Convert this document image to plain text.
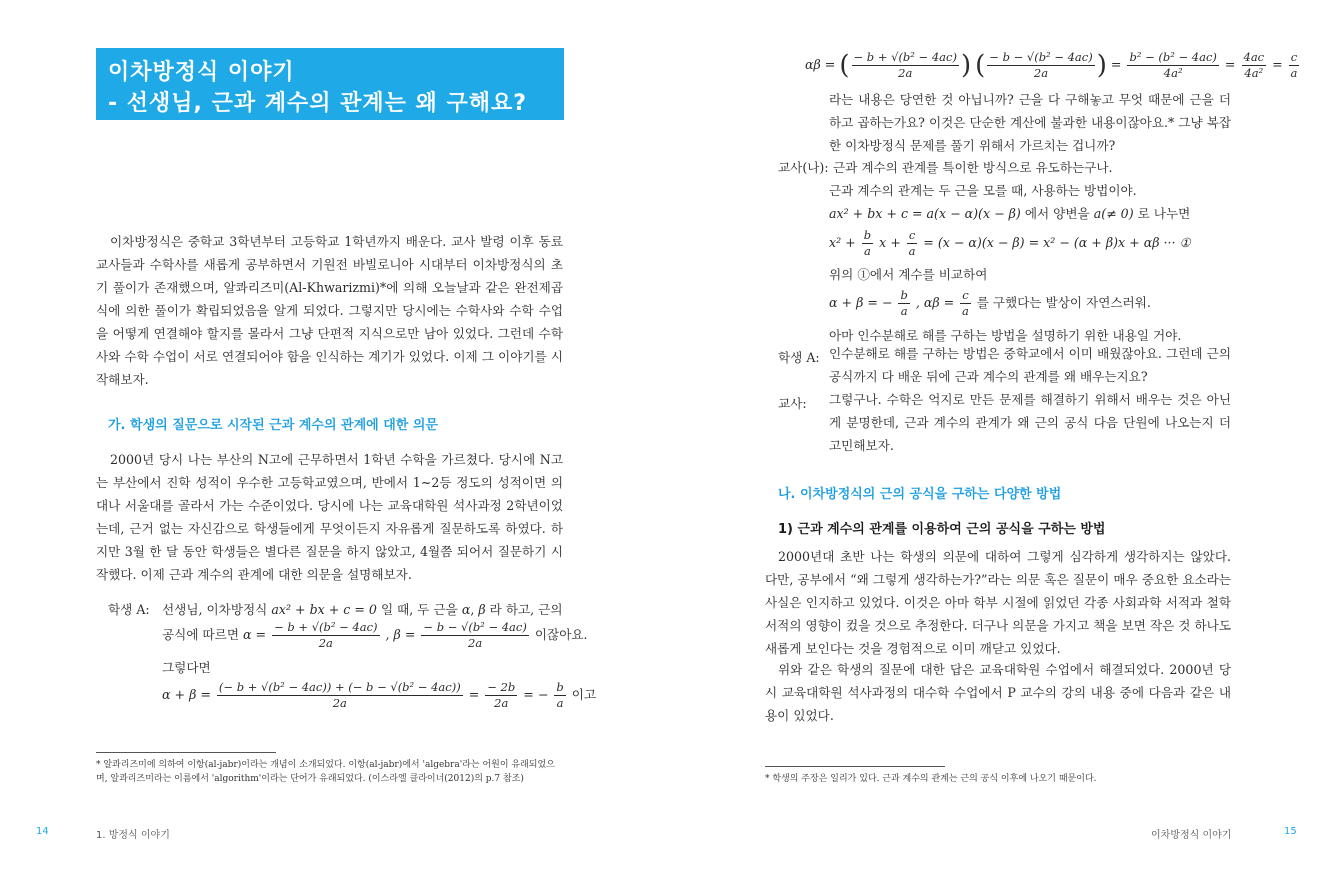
이차방정식 이야기
- 선생님, 근과 계수의 관계는 왜 구해요?

이차방정식은 중학교 3학년부터 고등학교 1학년까지 배운다. 교사 발령 이후 동료 교사들과 수학사를 새롭게 공부하면서 기원전 바빌로니아 시대부터 이차방정식의 초기 풀이가 존재했으며, 알콰리즈미(Al-Khwarizmi)*에 의해 오늘날과 같은 완전제곱식에 의한 풀이가 확립되었음을 알게 되었다. 그렇지만 당시에는 수학사와 수학 수업을 어떻게 연결해야 할지를 몰라서 그냥 단편적 지식으로만 남아 있었다. 그런데 수학사와 수학 수업이 서로 연결되어야 함을 인식하는 계기가 있었다. 이제 그 이야기를 시작해보자.

가. 학생의 질문으로 시작된 근과 계수의 관계에 대한 의문

2000년 당시 나는 부산의 N고에 근무하면서 1학년 수학을 가르쳤다. 당시에 N고는 부산에서 진학 성적이 우수한 고등학교였으며, 반에서 1~2등 정도의 성적이면 의대나 서울대를 골라서 가는 수준이었다. 당시에 나는 교육대학원 석사과정 2학년이었는데, 근거 없는 자신감으로 학생들에게 무엇이든지 자유롭게 질문하도록 하였다. 하지만 3월 한 달 동안 학생들은 별다른 질문을 하지 않았고, 4월쯤 되어서 질문하기 시작했다. 이제 근과 계수의 관계에 대한 의문을 설명해보자.

학생 A: 선생님, 이차방정식 ax² + bx + c = 0 일 때, 두 근을 α, β 라 하고, 근의
공식에 따르면 $\alpha = \frac{\text{− b + √(b² − 4ac)}}{2a}$ , $\beta = \frac{\text{− b − √(b² − 4ac)}}{2a}$ 이잖아요.
그렇다면
$\alpha + \beta = \frac{\text{(− b + √(b² − 4ac)) + (− b − √(b² − 4ac))}}{2a} = \frac{- 2b}{2a}$ = − $\frac{b}{a}$ 이고
* 알콰리즈미에 의하여 이항(al-jabr)이라는 개념이 소개되었다. 이항(al-jabr)에서 'algebra'라는 어원이 유래되었으며, 알콰리즈미라는 이름에서 'algorithm'이라는 단어가 유래되었다. (이스라엘 클라이너(2012)의 p.7 참조)
14	1. 방정식 이야기
αβ = ( $\frac{\text{− b + √(b² − 4ac)}}{2a}$ ) ( $\frac{\text{− b − √(b² − 4ac)}}{2a}$ ) = $\frac{\text{b² − (b² − 4ac)}}{\text{4a²}} = \frac{4ac}{\text{4a²}} = \frac{c}{a}$

라는 내용은 당연한 것 아닙니까? 근을 다 구해놓고 무엇 때문에 근을 더하고 곱하는가요? 이것은 단순한 계산에 불과한 내용이잖아요.* 그냥 복잡한 이차방정식 문제를 풀기 위해서 가르치는 겁니까?

교사(나): 근과 계수의 관계를 특이한 방식으로 유도하는구나.
근과 계수의 관계는 두 근을 모를 때, 사용하는 방법이야.
ax² + bx + c = a(x − α)(x − β) 에서 양변을 a(≠ 0) 로 나누면
$x^2 + \frac{b}{a}$ $x + \frac{c}{a} = (x - \alpha)(x - \beta) = x^2 - (\alpha + \beta)x + \alpha\beta$ ··· ①
위의 ①에서 계수를 비교하여
α + β = − $\frac{b}{a}$ , $\alpha\beta = \frac{c}{a}$ 를 구했다는 발상이 자연스러워.
아마 인수분해로 해를 구하는 방법을 설명하기 위한 내용일 거야.
학생 A: 인수분해로 해를 구하는 방법은 중학교에서 이미 배웠잖아요. 그런데 근의 공식까지 다 배운 뒤에 근과 계수의 관계를 왜 배우는지요?

교사: 그렇구나. 수학은 억지로 만든 문제를 해결하기 위해서 배우는 것은 아닌게 분명한데, 근과 계수의 관계가 왜 근의 공식 다음 단원에 나오는지 더 고민해보자.

나. 이차방정식의 근의 공식을 구하는 다양한 방법
1) 근과 계수의 관계를 이용하여 근의 공식을 구하는 방법

2000년대 초반 나는 학생의 의문에 대하여 그렇게 심각하게 생각하지는 않았다. 다만, 공부에서 “왜 그렇게 생각하는가?”라는 의문 혹은 질문이 매우 중요한 요소라는 사실은 인지하고 있었다. 이것은 아마 학부 시절에 읽었던 각종 사회과학 서적과 철학 서적의 영향이 컸을 것으로 추정한다. 더구나 의문을 가지고 책을 보면 작은 것 하나도 새롭게 보인다는 것을 경험적으로 이미 깨닫고 있었다.

위와 같은 학생의 질문에 대한 답은 교육대학원 수업에서 해결되었다. 2000년 당시 교육대학원 석사과정의 대수학 수업에서 P 교수의 강의 내용 중에 다음과 같은 내용이 있었다.

* 학생의 주장은 일리가 있다. 근과 계수의 관계는 근의 공식 이후에 나오기 때문이다.
이차방정식 이야기	15
